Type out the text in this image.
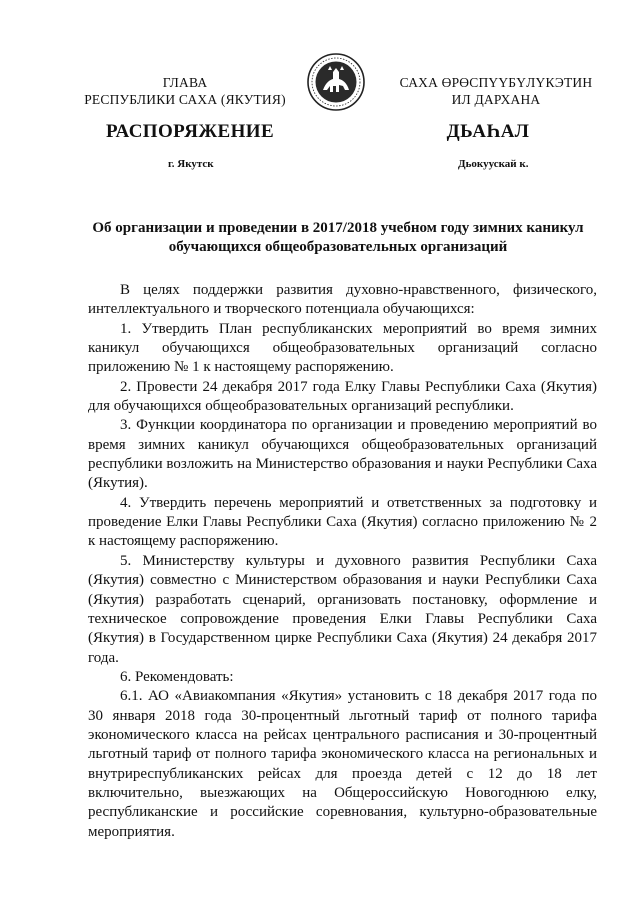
ГЛАВА
РЕСПУБЛИКИ САХА (ЯКУТИЯ)
САХА ӨРӨСПҮҮБҮЛҮКЭТИН
ИЛ ДАРХАНА
РАСПОРЯЖЕНИЕ	ДЬАҺАЛ
г. Якутск	Дьокуускай к.
Об организации и проведении в 2017/2018 учебном году зимних каникул
обучающихся общеобразовательных организаций

В целях поддержки развития духовно-нравственного, физического, интеллектуального и творческого потенциала обучающихся:

1. Утвердить План республиканских мероприятий во время зимних каникул обучающихся общеобразовательных организаций согласно приложению № 1 к настоящему распоряжению.

2. Провести 24 декабря 2017 года Елку Главы Республики Саха (Якутия) для обучающихся общеобразовательных организаций республики.

3. Функции координатора по организации и проведению мероприятий во время зимних каникул обучающихся общеобразовательных организаций республики возложить на Министерство образования и науки Республики Саха (Якутия).

4. Утвердить перечень мероприятий и ответственных за подготовку и проведение Елки Главы Республики Саха (Якутия) согласно приложению № 2 к настоящему распоряжению.

5. Министерству культуры и духовного развития Республики Саха (Якутия) совместно с Министерством образования и науки Республики Саха (Якутия) разработать сценарий, организовать постановку, оформление и техническое сопровождение проведения Елки Главы Республики Саха (Якутия) в Государственном цирке Республики Саха (Якутия) 24 декабря 2017 года.

6. Рекомендовать:

6.1. АО «Авиакомпания «Якутия» установить с 18 декабря 2017 года по 30 января 2018 года 30-процентный льготный тариф от полного тарифа экономического класса на рейсах центрального расписания и 30-процентный льготный тариф от полного тарифа экономического класса на региональных и внутриреспубликанских рейсах для проезда детей с 12 до 18 лет включительно, выезжающих на Общероссийскую Новогоднюю елку, республиканские и российские соревнования, культурно-образовательные мероприятия.
